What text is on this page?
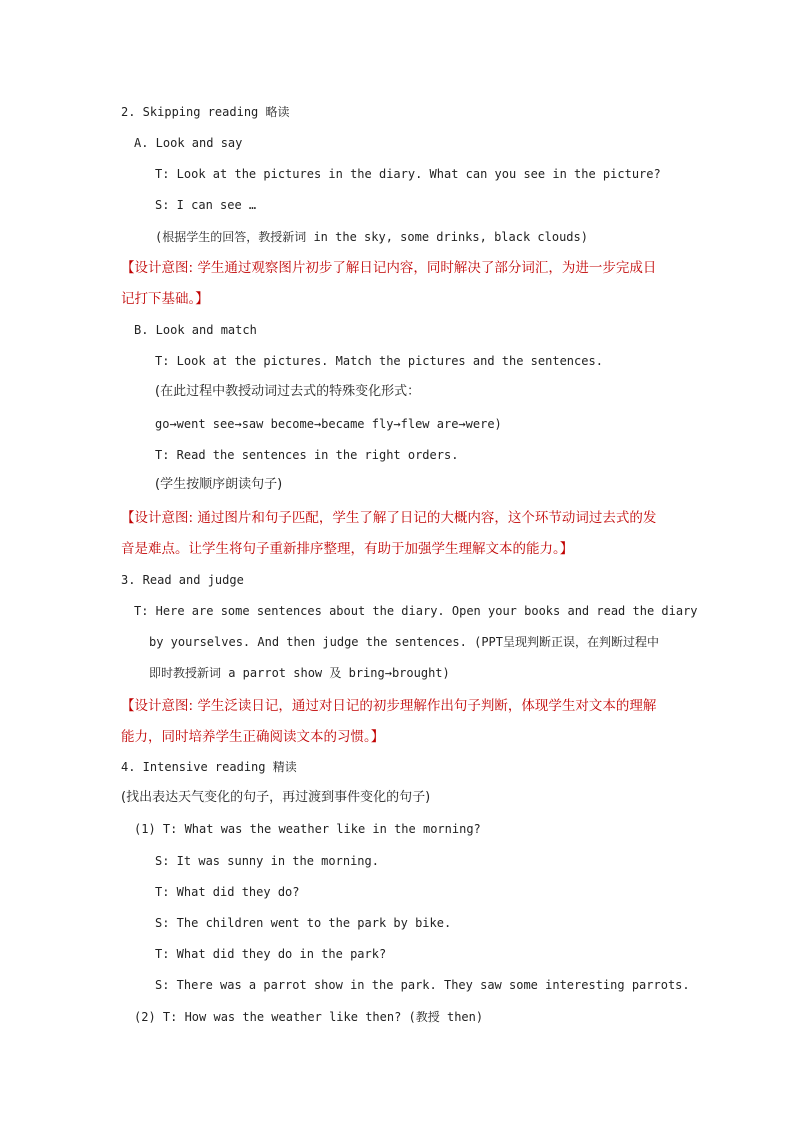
2. Skipping reading 略读
A. Look and say
T: Look at the pictures in the diary. What can you see in the picture?
S: I can see …
(根据学生的回答，教授新词 in the sky, some drinks, black clouds)
【设计意图: 学生通过观察图片初步了解日记内容，同时解决了部分词汇，为进一步完成日
记打下基础。】
B. Look and match
T: Look at the pictures. Match the pictures and the sentences.
(在此过程中教授动词过去式的特殊变化形式：
go→went see→saw become→became fly→flew are→were)
T: Read the sentences in the right orders.
(学生按顺序朗读句子)
【设计意图: 通过图片和句子匹配，学生了解了日记的大概内容，这个环节动词过去式的发
音是难点。让学生将句子重新排序整理，有助于加强学生理解文本的能力。】
3. Read and judge
T: Here are some sentences about the diary. Open your books and read the diary
by yourselves. And then judge the sentences. (PPT呈现判断正误，在判断过程中
即时教授新词 a parrot show 及 bring→brought)
【设计意图: 学生泛读日记，通过对日记的初步理解作出句子判断，体现学生对文本的理解
能力，同时培养学生正确阅读文本的习惯。】
4. Intensive reading 精读
(找出表达天气变化的句子，再过渡到事件变化的句子)
(1) T: What was the weather like in the morning?
S: It was sunny in the morning.
T: What did they do?
S: The children went to the park by bike.
T: What did they do in the park?
S: There was a parrot show in the park. They saw some interesting parrots.
(2) T: How was the weather like then? (教授 then)
